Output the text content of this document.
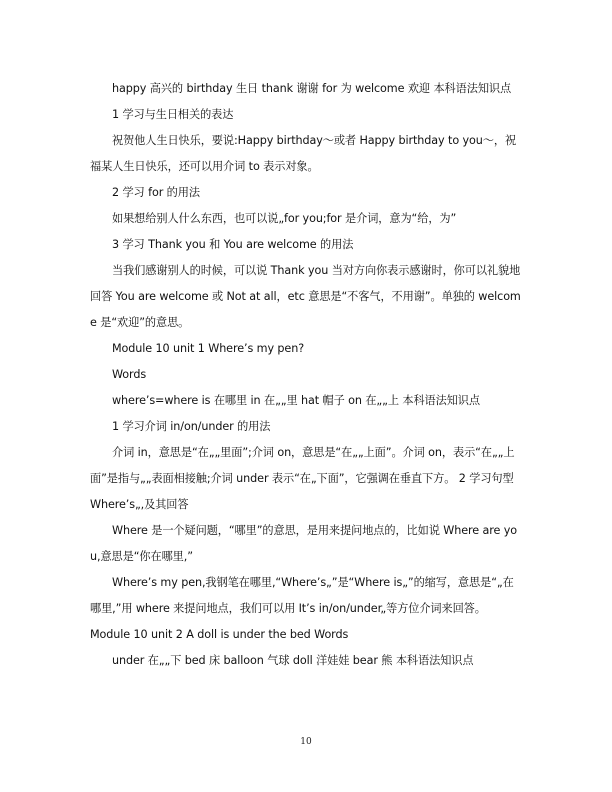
happy 高兴的 birthday 生日 thank 谢谢 for 为 welcome 欢迎 本科语法知识点

1 学习与生日相关的表达

祝贺他人生日快乐，要说:Happy birthday～或者 Happy birthday to you～，祝福某人生日快乐，还可以用介词 to 表示对象。

2 学习 for 的用法

如果想给别人什么东西，也可以说„for you;for 是介词，意为“给，为”

3 学习 Thank you 和 You are welcome 的用法

当我们感谢别人的时候，可以说 Thank you 当对方向你表示感谢时，你可以礼貌地回答 You are welcome 或 Not at all，etc 意思是“不客气，不用谢”。单独的 welcome 是“欢迎”的意思。

Module 10 unit 1 Where’s my pen?

Words

where’s=where is 在哪里 in 在„„里 hat 帽子 on 在„„上 本科语法知识点

1 学习介词 in/on/under 的用法

介词 in，意思是“在„„里面”;介词 on，意思是“在„„上面”。介词 on，表示“在„„上面”是指与„„表面相接触;介词 under 表示“在„下面”，它强调在垂直下方。 2 学习句型 Where’s„,及其回答

Where 是一个疑问题，“哪里”的意思，是用来提问地点的，比如说 Where are you,意思是“你在哪里,”

Where’s my pen,我钢笔在哪里,“Where’s„”是“Where is„”的缩写，意思是“„在哪里,”用 where 来提问地点，我们可以用 It’s in/on/under„等方位介词来回答。

Module 10 unit 2 A doll is under the bed Words

under 在„„下 bed 床 balloon 气球 doll 洋娃娃 bear 熊 本科语法知识点

10
